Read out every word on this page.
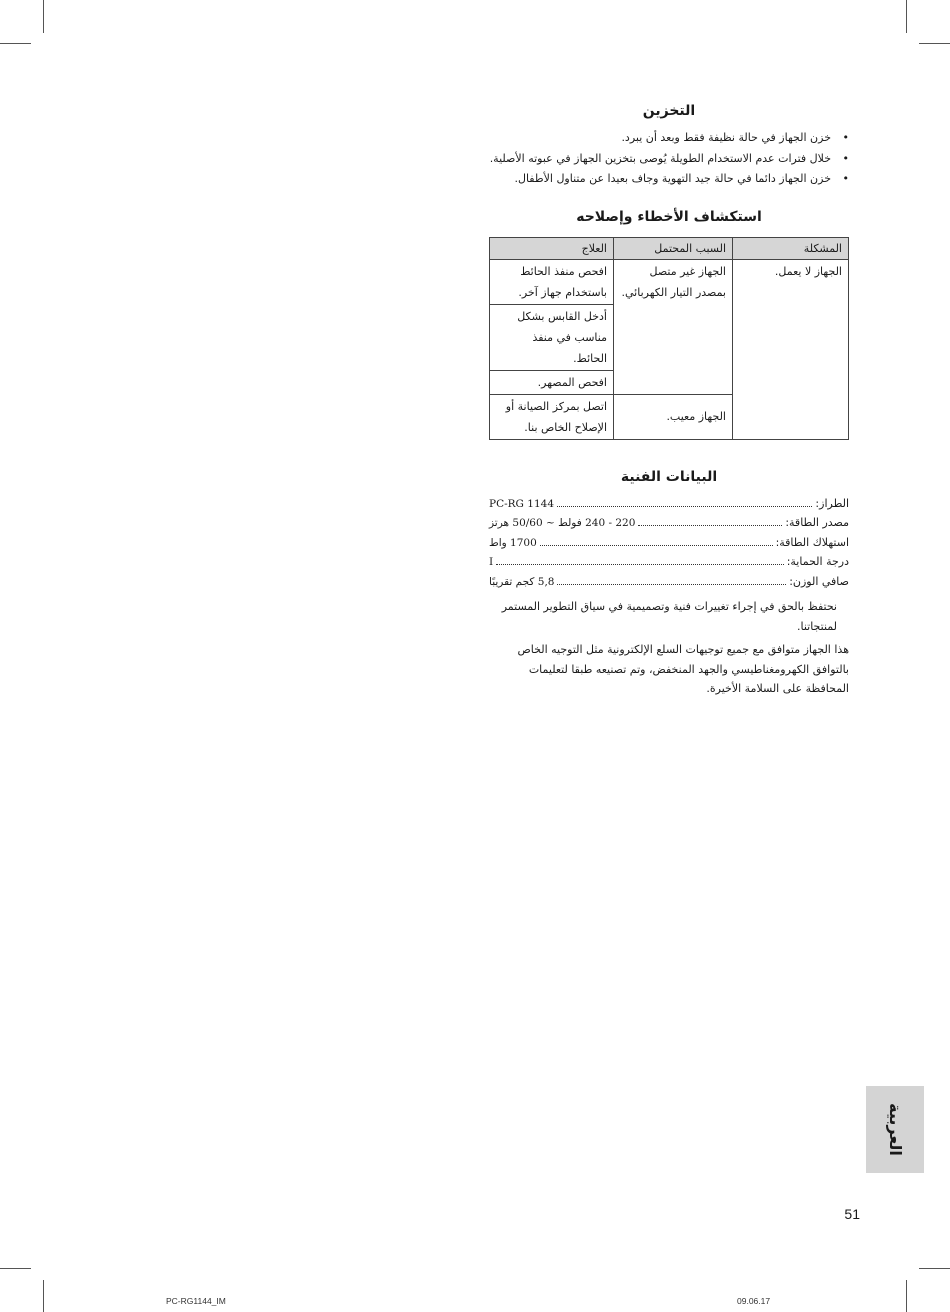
التخزين
• خزن الجهاز في حالة نظيفة فقط وبعد أن يبرد.
• خلال فترات عدم الاستخدام الطويلة يُوصى بتخزين الجهاز في عبوته الأصلية.
• خزن الجهاز دائما في حالة جيد التهوية وجاف بعيدا عن متناول الأطفال.
استكشاف الأخطاء وإصلاحه
المشكلة	السبب المحتمل	العلاج
الجهاز لا يعمل.	الجهاز غير متصل بمصدر التيار الكهربائي.	افحص منفذ الحائط باستخدام جهاز آخر.
		أدخل القابس بشكل مناسب في منفذ الحائط.
		افحص المصهر.
	الجهاز معيب.	اتصل بمركز الصيانة أو الإصلاح الخاص بنا.
البيانات الفنية
الطراز:
PC-RG 1144
مصدر الطاقة:
220 - 240 فولط ~ 50/60 هرتز
استهلاك الطاقة:
1700 واط
درجة الحماية:
I
صافي الوزن:
5,8 كجم تقريبًا

نحتفظ بالحق في إجراء تغييرات فنية وتصميمية في سياق التطوير المستمر لمنتجاتنا.

هذا الجهاز متوافق مع جميع توجيهات السلع الإلكترونية مثل التوجيه الخاص بالتوافق الكهرومغناطيسي والجهد المنخفض، وتم تصنيعه طبقا لتعليمات المحافظة على السلامة الأخيرة.

العربية
51
PC-RG1144_IM	09.06.17
